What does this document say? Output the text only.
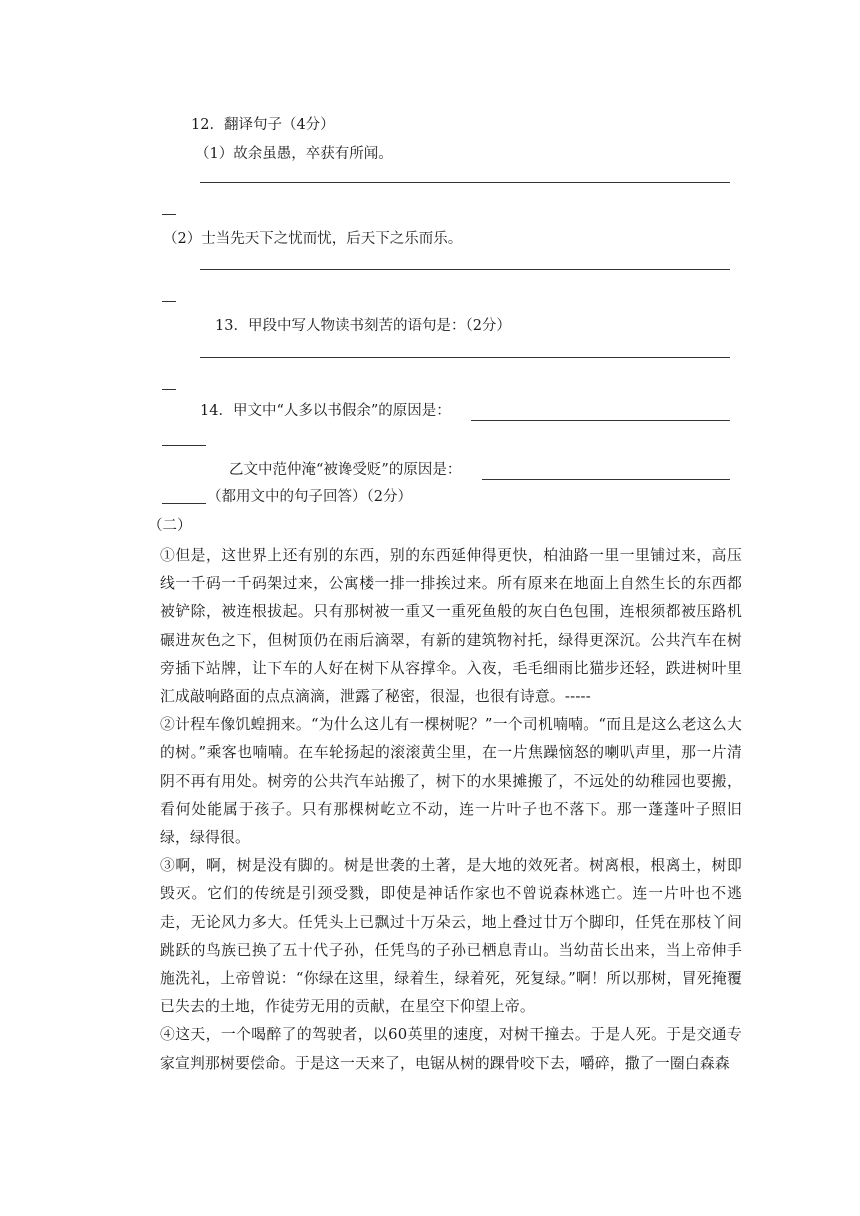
12．翻译句子（4分）
（1）故余虽愚，卒获有所闻。
（2）士当先天下之忧而忧，后天下之乐而乐。
13．甲段中写人物读书刻苦的语句是：（2分）
14．甲文中“人多以书假余”的原因是：
乙文中范仲淹“被谗受贬”的原因是：
（都用文中的句子回答）（2分）
（二）

①但是，这世界上还有别的东西，别的东西延伸得更快，柏油路一里一里铺过来，高压线一千码一千码架过来，公寓楼一排一排挨过来。所有原来在地面上自然生长的东西都被铲除，被连根拔起。只有那树被一重又一重死鱼般的灰白色包围，连根须都被压路机碾进灰色之下，但树顶仍在雨后滴翠，有新的建筑物衬托，绿得更深沉。公共汽车在树旁插下站牌，让下车的人好在树下从容撑伞。入夜，毛毛细雨比猫步还轻，跌进树叶里汇成敲响路面的点点滴滴，泄露了秘密，很湿，也很有诗意。-----

②计程车像饥蝗拥来。“为什么这儿有一棵树呢？”一个司机喃喃。“而且是这么老这么大的树。”乘客也喃喃。在车轮扬起的滚滚黄尘里，在一片焦躁恼怒的喇叭声里，那一片清阴不再有用处。树旁的公共汽车站搬了，树下的水果摊搬了，不远处的幼稚园也要搬，看何处能属于孩子。只有那棵树屹立不动，连一片叶子也不落下。那一蓬蓬叶子照旧绿，绿得很。

③啊，啊，树是没有脚的。树是世袭的土著，是大地的效死者。树离根，根离土，树即毁灭。它们的传统是引颈受戮，即使是神话作家也不曾说森林逃亡。连一片叶也不逃走，无论风力多大。任凭头上已飘过十万朵云，地上叠过廿万个脚印，任凭在那枝丫间跳跃的鸟族已换了五十代子孙，任凭鸟的子孙已栖息青山。当幼苗长出来，当上帝伸手施洗礼，上帝曾说：“你绿在这里，绿着生，绿着死，死复绿。”啊！所以那树，冒死掩覆已失去的土地，作徒劳无用的贡献，在星空下仰望上帝。

④这天，一个喝醉了的驾驶者，以60英里的速度，对树干撞去。于是人死。于是交通专家宣判那树要偿命。于是这一天来了，电锯从树的踝骨咬下去，嚼碎，撒了一圈白森森
